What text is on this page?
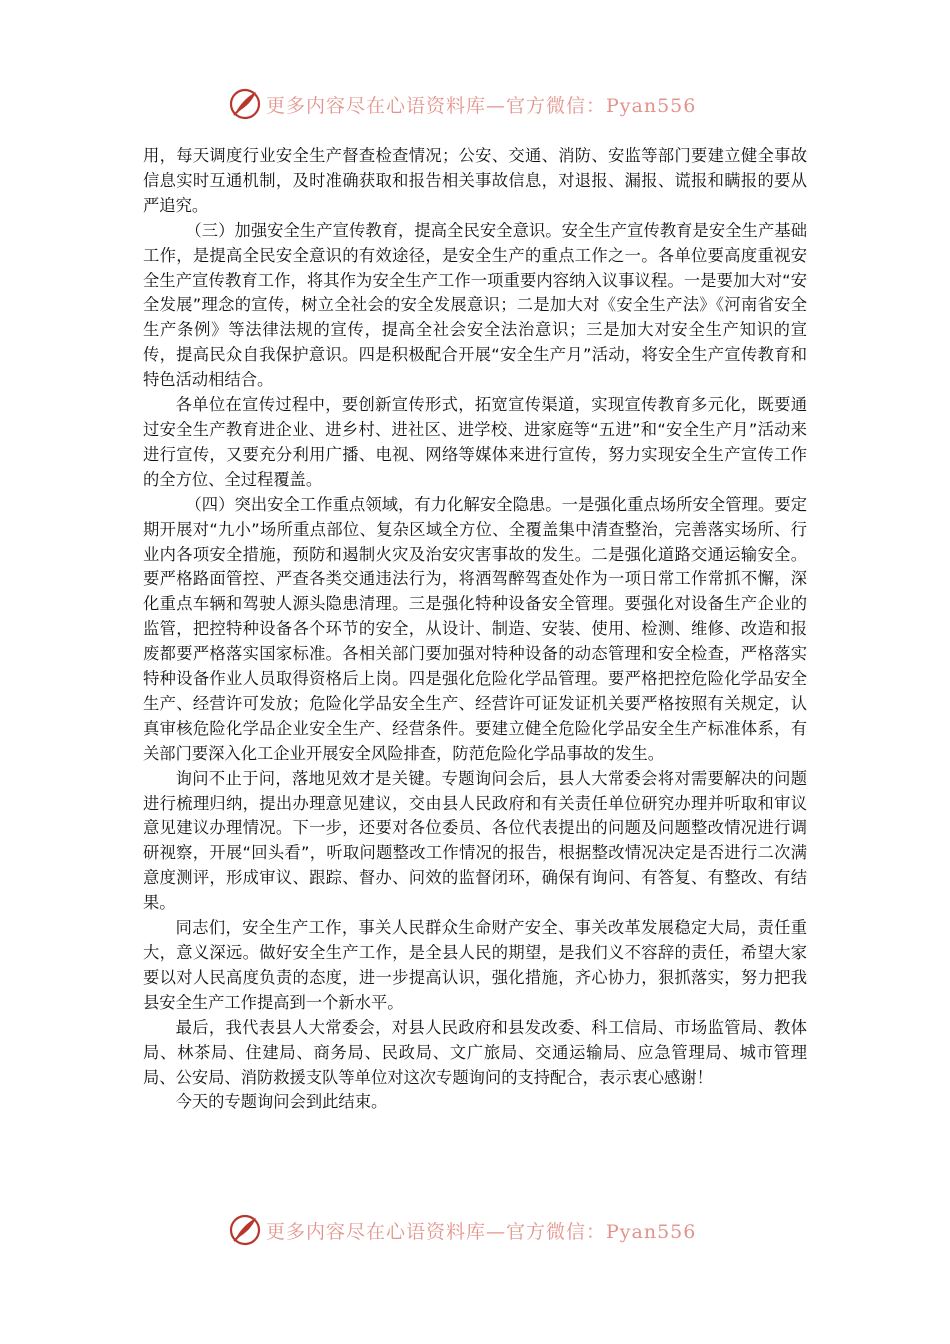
更多内容尽在心语资料库—官方微信：Pyan556

用，每天调度行业安全生产督查检查情况；公安、交通、消防、安监等部门要建立健全事故信息实时互通机制，及时准确获取和报告相关事故信息，对退报、漏报、谎报和瞒报的要从严追究。

（三）加强安全生产宣传教育，提高全民安全意识。安全生产宣传教育是安全生产基础工作，是提高全民安全意识的有效途径，是安全生产的重点工作之一。各单位要高度重视安全生产宣传教育工作，将其作为安全生产工作一项重要内容纳入议事议程。一是要加大对“安全发展”理念的宣传，树立全社会的安全发展意识；二是加大对《安全生产法》《河南省安全生产条例》等法律法规的宣传，提高全社会安全法治意识；三是加大对安全生产知识的宣传，提高民众自我保护意识。四是积极配合开展“安全生产月”活动，将安全生产宣传教育和特色活动相结合。

各单位在宣传过程中，要创新宣传形式，拓宽宣传渠道，实现宣传教育多元化，既要通过安全生产教育进企业、进乡村、进社区、进学校、进家庭等“五进”和“安全生产月”活动来进行宣传，又要充分利用广播、电视、网络等媒体来进行宣传，努力实现安全生产宣传工作的全方位、全过程覆盖。

（四）突出安全工作重点领域，有力化解安全隐患。一是强化重点场所安全管理。要定期开展对“九小”场所重点部位、复杂区域全方位、全覆盖集中清查整治，完善落实场所、行业内各项安全措施，预防和遏制火灾及治安灾害事故的发生。二是强化道路交通运输安全。要严格路面管控、严查各类交通违法行为，将酒驾醉驾查处作为一项日常工作常抓不懈，深化重点车辆和驾驶人源头隐患清理。三是强化特种设备安全管理。要强化对设备生产企业的监管，把控特种设备各个环节的安全，从设计、制造、安装、使用、检测、维修、改造和报废都要严格落实国家标准。各相关部门要加强对特种设备的动态管理和安全检查，严格落实特种设备作业人员取得资格后上岗。四是强化危险化学品管理。要严格把控危险化学品安全生产、经营许可发放；危险化学品安全生产、经营许可证发证机关要严格按照有关规定，认真审核危险化学品企业安全生产、经营条件。要建立健全危险化学品安全生产标准体系，有关部门要深入化工企业开展安全风险排查，防范危险化学品事故的发生。

询问不止于问，落地见效才是关键。专题询问会后，县人大常委会将对需要解决的问题进行梳理归纳，提出办理意见建议，交由县人民政府和有关责任单位研究办理并听取和审议意见建议办理情况。下一步，还要对各位委员、各位代表提出的问题及问题整改情况进行调研视察，开展“回头看”，听取问题整改工作情况的报告，根据整改情况决定是否进行二次满意度测评，形成审议、跟踪、督办、问效的监督闭环，确保有询问、有答复、有整改、有结果。

同志们，安全生产工作，事关人民群众生命财产安全、事关改革发展稳定大局，责任重大，意义深远。做好安全生产工作，是全县人民的期望，是我们义不容辞的责任，希望大家要以对人民高度负责的态度，进一步提高认识，强化措施，齐心协力，狠抓落实，努力把我县安全生产工作提高到一个新水平。

最后，我代表县人大常委会，对县人民政府和县发改委、科工信局、市场监管局、教体局、林茶局、住建局、商务局、民政局、文广旅局、交通运输局、应急管理局、城市管理局、公安局、消防救援支队等单位对这次专题询问的支持配合，表示衷心感谢！

今天的专题询问会到此结束。

更多内容尽在心语资料库—官方微信：Pyan556
